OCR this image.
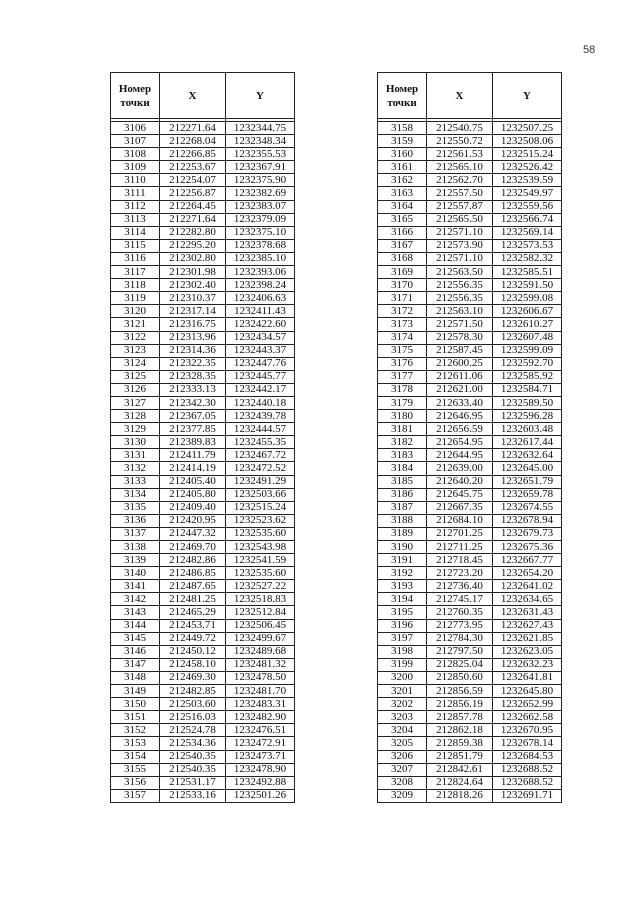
58
Номер точки	X	Y

3106	212271.64	1232344.75
3107	212268.04	1232348.34
3108	212266.85	1232355.53
3109	212253.67	1232367.91
3110	212254.07	1232375.90
3111	212256.87	1232382.69
3112	212264.45	1232383.07
3113	212271.64	1232379.09
3114	212282.80	1232375.10
3115	212295.20	1232378.68
3116	212302.80	1232385.10
3117	212301.98	1232393.06
3118	212302.40	1232398.24
3119	212310.37	1232406.63
3120	212317.14	1232411.43
3121	212316.75	1232422.60
3122	212313.96	1232434.57
3123	212314.36	1232443.37
3124	212322.35	1232447.76
3125	212328.35	1232445.77
3126	212333.13	1232442.17
3127	212342.30	1232440.18
3128	212367.05	1232439.78
3129	212377.85	1232444.57
3130	212389.83	1232455.35
3131	212411.79	1232467.72
3132	212414.19	1232472.52
3133	212405.40	1232491.29
3134	212405.80	1232503.66
3135	212409.40	1232515.24
3136	212420.95	1232523.62
3137	212447.32	1232535.60
3138	212469.70	1232543.98
3139	212482.86	1232541.59
3140	212486.85	1232535.60
3141	212487.65	1232527.22
3142	212481.25	1232518.83
3143	212465.29	1232512.84
3144	212453.71	1232506.45
3145	212449.72	1232499.67
3146	212450.12	1232489.68
3147	212458.10	1232481.32
3148	212469.30	1232478.50
3149	212482.85	1232481.70
3150	212503.60	1232483.31
3151	212516.03	1232482.90
3152	212524.78	1232476.51
3153	212534.36	1232472.91
3154	212540.35	1232473.71
3155	212540.35	1232478.90
3156	212531.17	1232492.88
3157	212533.16	1232501.26
Номер точки	X	Y

3158	212540.75	1232507.25
3159	212550.72	1232508.06
3160	212561.53	1232515.24
3161	212565.10	1232526.42
3162	212562.70	1232539.59
3163	212557.50	1232549.97
3164	212557.87	1232559.56
3165	212565.50	1232566.74
3166	212571.10	1232569.14
3167	212573.90	1232573.53
3168	212571.10	1232582.32
3169	212563.50	1232585.51
3170	212556.35	1232591.50
3171	212556.35	1232599.08
3172	212563.10	1232606.67
3173	212571.50	1232610.27
3174	212578.30	1232607.48
3175	212587.45	1232599.09
3176	212600.25	1232592.70
3177	212611.06	1232585.92
3178	212621.00	1232584.71
3179	212633.40	1232589.50
3180	212646.95	1232596.28
3181	212656.59	1232603.48
3182	212654.95	1232617.44
3183	212644.95	1232632.64
3184	212639.00	1232645.00
3185	212640.20	1232651.79
3186	212645.75	1232659.78
3187	212667.35	1232674.55
3188	212684.10	1232678.94
3189	212701.25	1232679.73
3190	212711.25	1232675.36
3191	212718.45	1232667.77
3192	212723.20	1232654.20
3193	212736.40	1232641.02
3194	212745.17	1232634.65
3195	212760.35	1232631.43
3196	212773.95	1232627.43
3197	212784.30	1232621.85
3198	212797.50	1232623.05
3199	212825.04	1232632.23
3200	212850.60	1232641.81
3201	212856.59	1232645.80
3202	212856.19	1232652.99
3203	212857.78	1232662.58
3204	212862.18	1232670.95
3205	212859.38	1232678.14
3206	212851.79	1232684.53
3207	212842.61	1232688.52
3208	212824.64	1232688.52
3209	212818.26	1232691.71
